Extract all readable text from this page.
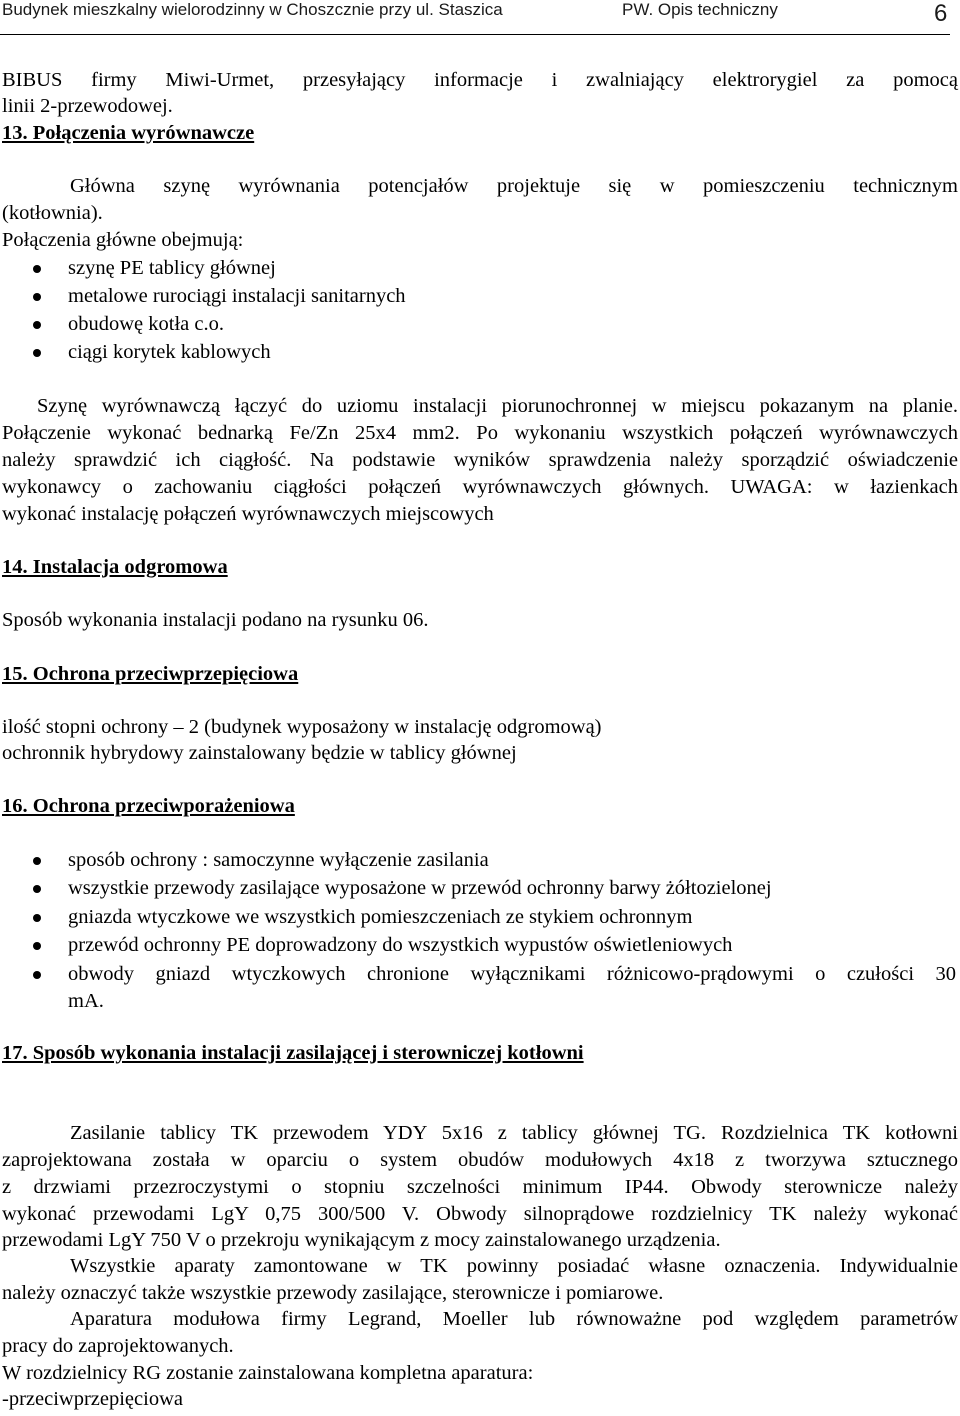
Budynek mieszkalny wielorodzinny w Choszcznie przy ul. Staszica	PW. Opis techniczny	6
BIBUS firmy Miwi-Urmet, przesyłający informacje i zwalniający elektrorygiel za pomocą
linii 2-przewodowej.
13. Połączenia wyrównawcze
Główna szynę wyrównania potencjałów projektuje się w pomieszczeniu technicznym
(kotłownia).
Połączenia główne obejmują:
szynę PE tablicy głównej
metalowe rurociągi instalacji sanitarnych
obudowę kotła c.o.
ciągi korytek kablowych
Szynę wyrównawczą łączyć do uziomu instalacji piorunochronnej w miejscu pokazanym na planie.
Połączenie wykonać bednarką Fe/Zn 25x4 mm2. Po wykonaniu wszystkich połączeń wyrównawczych
należy sprawdzić ich ciągłość. Na podstawie wyników sprawdzenia należy sporządzić oświadczenie
wykonawcy o zachowaniu ciągłości połączeń wyrównawczych głównych. UWAGA: w łazienkach
wykonać instalację połączeń wyrównawczych miejscowych
14. Instalacja odgromowa
Sposób wykonania instalacji podano na rysunku 06.
15. Ochrona przeciwprzepięciowa
ilość stopni ochrony – 2 (budynek wyposażony w instalację odgromową)
ochronnik hybrydowy zainstalowany będzie w tablicy głównej
16. Ochrona przeciwporażeniowa
sposób ochrony : samoczynne wyłączenie zasilania
wszystkie przewody zasilające wyposażone w przewód ochronny barwy żółtozielonej
gniazda wtyczkowe we wszystkich pomieszczeniach ze stykiem ochronnym
przewód ochronny PE doprowadzony do wszystkich wypustów oświetleniowych
obwody gniazd wtyczkowych chronione wyłącznikami różnicowo-prądowymi o czułości 30
mA.
17. Sposób wykonania instalacji zasilającej i sterowniczej kotłowni
Zasilanie tablicy TK przewodem YDY 5x16 z tablicy głównej TG. Rozdzielnica TK kotłowni
zaprojektowana została w oparciu o system obudów modułowych 4x18 z tworzywa sztucznego
z drzwiami przezroczystymi o stopniu szczelności minimum IP44. Obwody sterownicze należy
wykonać przewodami LgY 0,75 300/500 V. Obwody silnoprądowe rozdzielnicy TK należy wykonać
przewodami LgY 750 V o przekroju wynikającym z mocy zainstalowanego urządzenia.
Wszystkie aparaty zamontowane w TK powinny posiadać własne oznaczenia. Indywidualnie
należy oznaczyć także wszystkie przewody zasilające, sterownicze i pomiarowe.
Aparatura modułowa firmy Legrand, Moeller lub równoważne pod względem parametrów
pracy do zaprojektowanych.
W rozdzielnicy RG zostanie zainstalowana kompletna aparatura:
-przeciwprzepięciowa
